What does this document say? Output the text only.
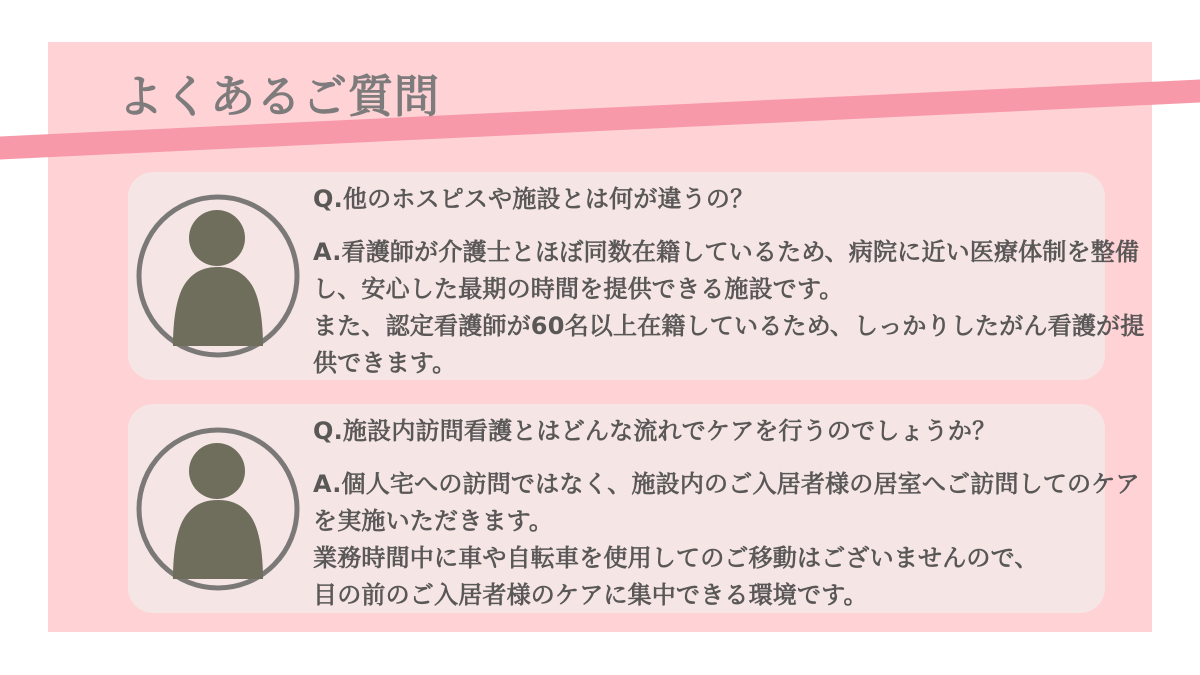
よくあるご質問
Q.他のホスピスや施設とは何が違うの？
A.看護師が介護士とほぼ同数在籍しているため、病院に近い医療体制を整備
し、安心した最期の時間を提供できる施設です。
また、認定看護師が60名以上在籍しているため、しっかりしたがん看護が提
供できます。
Q.施設内訪問看護とはどんな流れでケアを行うのでしょうか？
A.個人宅への訪問ではなく、施設内のご入居者様の居室へご訪問してのケア
を実施いただきます。
業務時間中に車や自転車を使用してのご移動はございませんので、
目の前のご入居者様のケアに集中できる環境です。
